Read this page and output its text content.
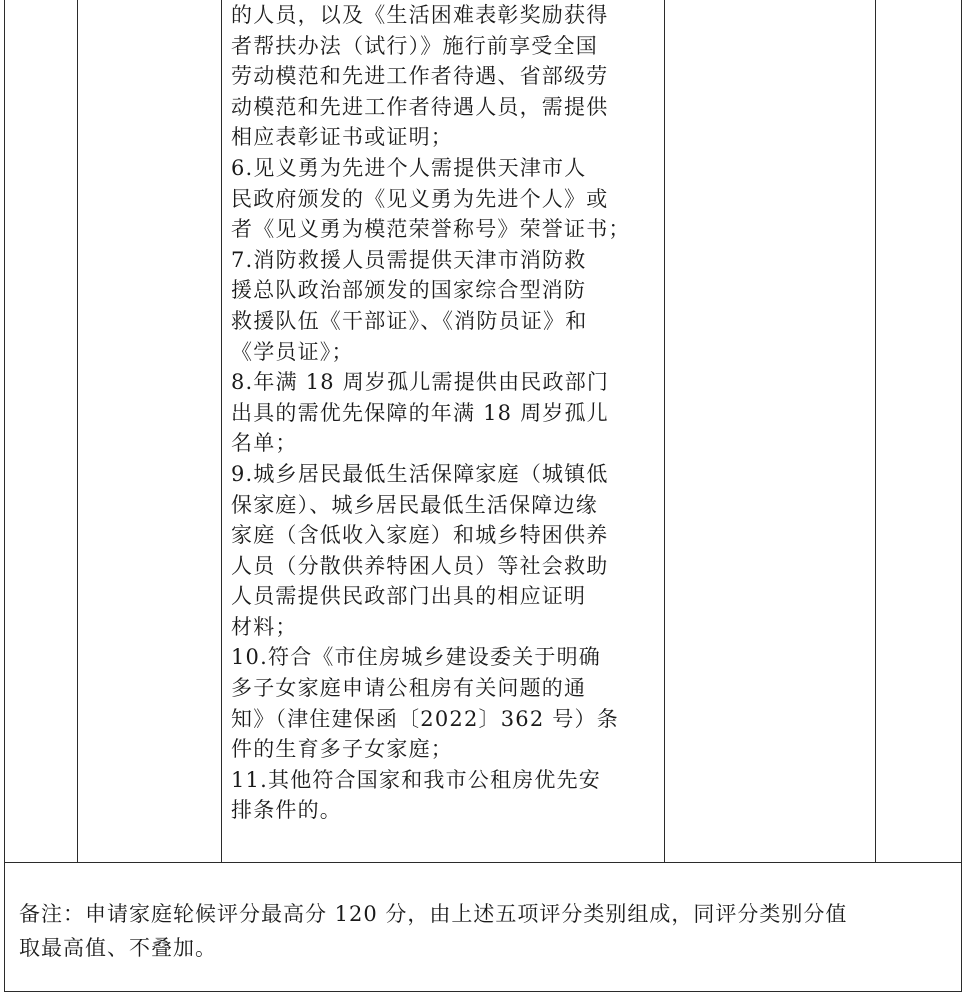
的人员，以及《生活困难表彰奖励获得
者帮扶办法（试行）》施行前享受全国
劳动模范和先进工作者待遇、省部级劳
动模范和先进工作者待遇人员，需提供
相应表彰证书或证明；
6.见义勇为先进个人需提供天津市人
民政府颁发的《见义勇为先进个人》或
者《见义勇为模范荣誉称号》荣誉证书；
7.消防救援人员需提供天津市消防救
援总队政治部颁发的国家综合型消防
救援队伍《干部证》、《消防员证》和
《学员证》；
8.年满 18 周岁孤儿需提供由民政部门
出具的需优先保障的年满 18 周岁孤儿
名单；
9.城乡居民最低生活保障家庭（城镇低
保家庭）、城乡居民最低生活保障边缘
家庭（含低收入家庭）和城乡特困供养
人员（分散供养特困人员）等社会救助
人员需提供民政部门出具的相应证明
材料；
10.符合《市住房城乡建设委关于明确
多子女家庭申请公租房有关问题的通
知》（津住建保函〔2022〕362 号）条
件的生育多子女家庭；
11.其他符合国家和我市公租房优先安
排条件的。
备注：申请家庭轮候评分最高分 120 分，由上述五项评分类别组成，同评分类别分值
取最高值、不叠加。
